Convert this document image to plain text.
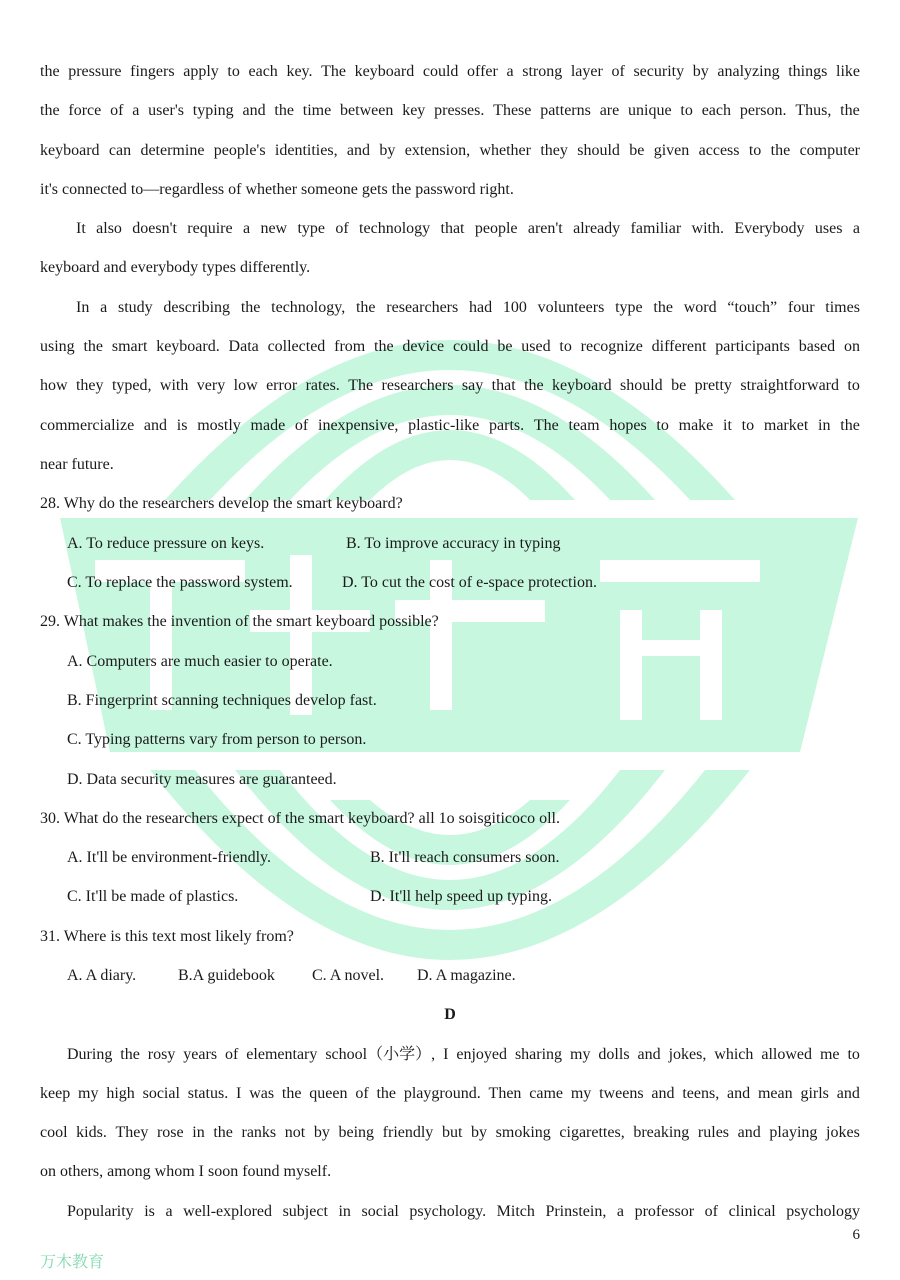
the pressure fingers apply to each key. The keyboard could offer a strong layer of security by analyzing things like
the force of a user's typing and the time between key presses. These patterns are unique to each person. Thus, the
keyboard can determine people's identities, and by extension, whether they should be given access to the computer
it's connected to—regardless of whether someone gets the password right.
It also doesn't require a new type of technology that people aren't already familiar with. Everybody uses a
keyboard and everybody types differently.
In a study describing the technology, the researchers had 100 volunteers type the word “touch” four times
using the smart keyboard. Data collected from the device could be used to recognize different participants based on
how they typed, with very low error rates. The researchers say that the keyboard should be pretty straightforward to
commercialize and is mostly made of inexpensive, plastic-like parts. The team hopes to make it to market in the
near future.
28. Why do the researchers develop the smart keyboard?
A. To reduce pressure on keys.	B. To improve accuracy in typing
C. To replace the password system.	D. To cut the cost of e-space protection.
29. What makes the invention of the smart keyboard possible?
A. Computers are much easier to operate.
B. Fingerprint scanning techniques develop fast.
C. Typing patterns vary from person to person.
D. Data security measures are guaranteed.
30. What do the researchers expect of the smart keyboard? all 1o soisgiticoco oll.
A. It'll be environment-friendly.	B. It'll reach consumers soon.
C. It'll be made of plastics.	D. It'll help speed up typing.
31. Where is this text most likely from?
A. A diary.	B.A guidebook C. A novel. D. A magazine.
D
During the rosy years of elementary school（小学）, I enjoyed sharing my dolls and jokes, which allowed me to
keep my high social status. I was the queen of the playground. Then came my tweens and teens, and mean girls and
cool kids. They rose in the ranks not by being friendly but by smoking cigarettes, breaking rules and playing jokes
on others, among whom I soon found myself.
Popularity is a well-explored subject in social psychology. Mitch Prinstein, a professor of clinical psychology
6
万木教育
